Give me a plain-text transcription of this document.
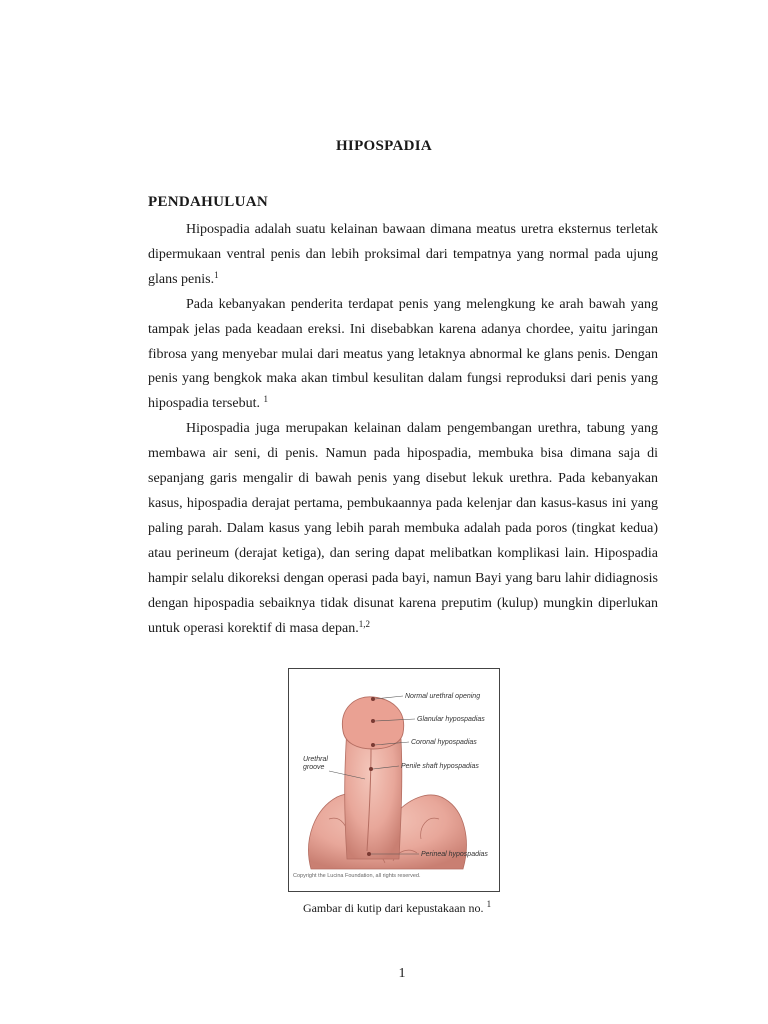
HIPOSPADIA
PENDAHULUAN

Hipospadia adalah suatu kelainan bawaan dimana meatus uretra eksternus terletak dipermukaan ventral penis dan lebih proksimal dari tempatnya yang normal pada ujung glans penis.$^1$

Pada kebanyakan penderita terdapat penis yang melengkung ke arah bawah yang tampak jelas pada keadaan ereksi. Ini disebabkan karena adanya chordee, yaitu jaringan fibrosa yang menyebar mulai dari meatus yang letaknya abnormal ke glans penis. Dengan penis yang bengkok maka akan timbul kesulitan dalam fungsi reproduksi dari penis yang hipospadia tersebut. $^1$

Hipospadia juga merupakan kelainan dalam pengembangan urethra, tabung yang membawa air seni, di penis. Namun pada hipospadia, membuka bisa dimana saja di sepanjang garis mengalir di bawah penis yang disebut lekuk urethra. Pada kebanyakan kasus, hipospadia derajat pertama, pembukaannya pada kelenjar dan kasus-kasus ini yang paling parah. Dalam kasus yang lebih parah membuka adalah pada poros (tingkat kedua) atau perineum (derajat ketiga), dan sering dapat melibatkan komplikasi lain. Hipospadia hampir selalu dikoreksi dengan operasi pada bayi, namun Bayi yang baru lahir didiagnosis dengan hipospadia sebaiknya tidak disunat karena preputim (kulup) mungkin diperlukan untuk operasi korektif di masa depan.$^{1,2}$

Normal urethral opening
Glanular hypospadias
Coronal hypospadias
Penile shaft hypospadias
Perineal hypospadias
Urethral
groove
Copyright the Lucina Foundation, all rights reserved.
Gambar di kutip dari kepustakaan no. $^1$
1
